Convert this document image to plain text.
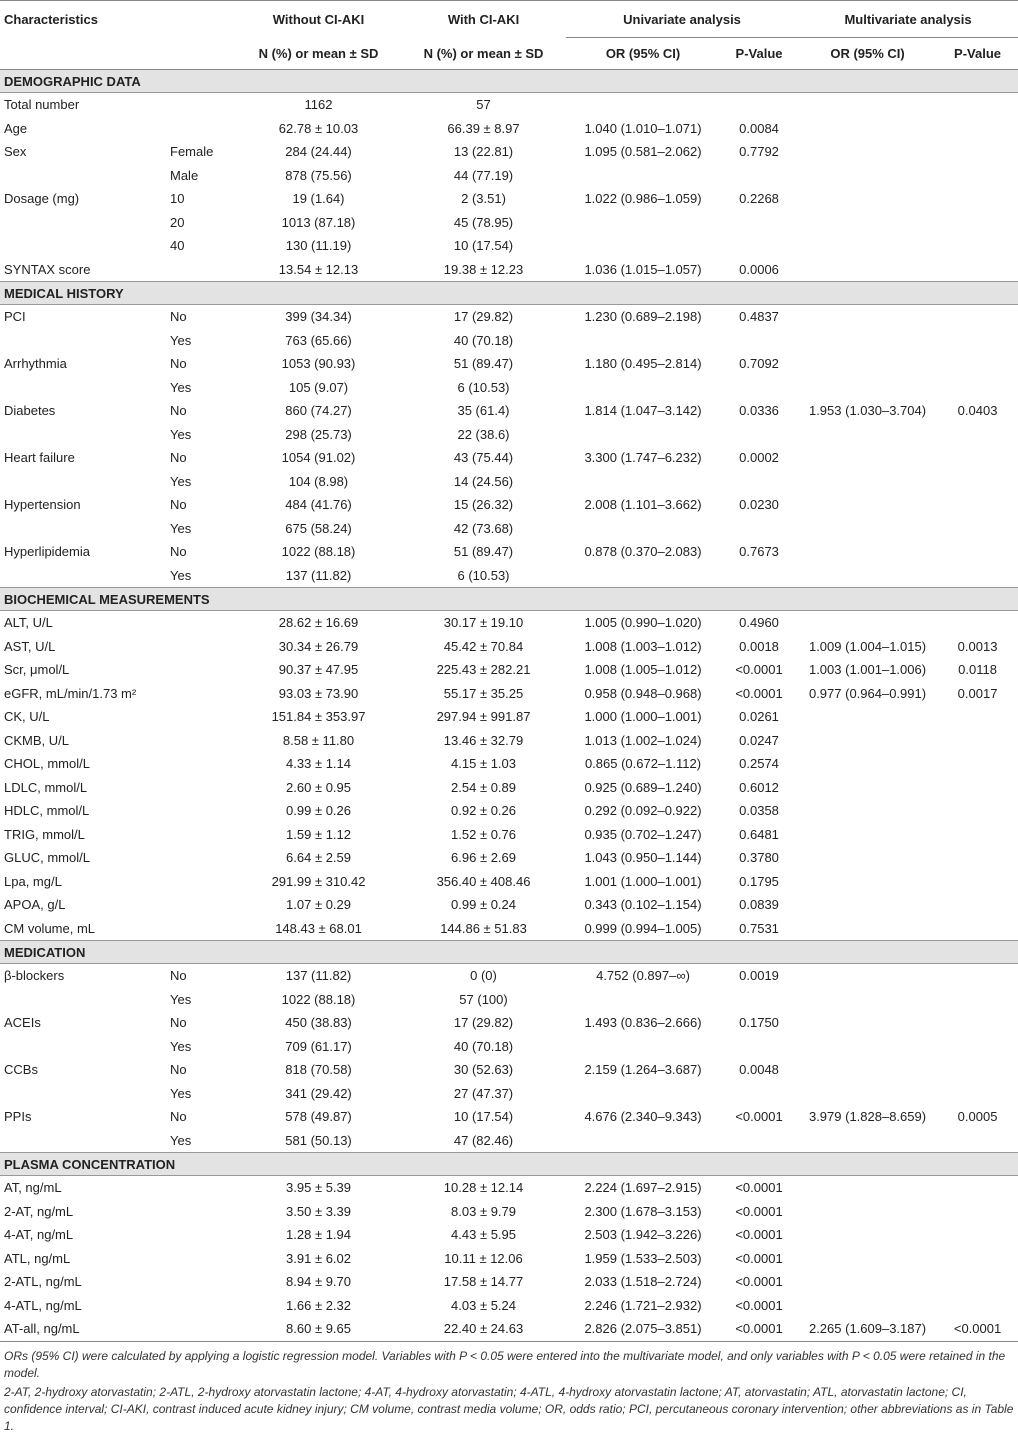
Characteristics		Without CI-AKI	With CI-AKI	Univariate analysis		Multivariate analysis	
		N (%) or mean ± SD	N (%) or mean ± SD	OR (95% CI)	P-Value	OR (95% CI)	P-Value
DEMOGRAPHIC DATA							
Total number		1162	57				
Age		62.78 ± 10.03	66.39 ± 8.97	1.040 (1.010–1.071)	0.0084		
Sex	Female	284 (24.44)	13 (22.81)	1.095 (0.581–2.062)	0.7792		
	Male	878 (75.56)	44 (77.19)				
Dosage (mg)	10	19 (1.64)	2 (3.51)	1.022 (0.986–1.059)	0.2268		
	20	1013 (87.18)	45 (78.95)				
	40	130 (11.19)	10 (17.54)				
SYNTAX score		13.54 ± 12.13	19.38 ± 12.23	1.036 (1.015–1.057)	0.0006		
MEDICAL HISTORY							
PCI	No	399 (34.34)	17 (29.82)	1.230 (0.689–2.198)	0.4837		
	Yes	763 (65.66)	40 (70.18)				
Arrhythmia	No	1053 (90.93)	51 (89.47)	1.180 (0.495–2.814)	0.7092		
	Yes	105 (9.07)	6 (10.53)				
Diabetes	No	860 (74.27)	35 (61.4)	1.814 (1.047–3.142)	0.0336	1.953 (1.030–3.704)	0.0403
	Yes	298 (25.73)	22 (38.6)				
Heart failure	No	1054 (91.02)	43 (75.44)	3.300 (1.747–6.232)	0.0002		
	Yes	104 (8.98)	14 (24.56)				
Hypertension	No	484 (41.76)	15 (26.32)	2.008 (1.101–3.662)	0.0230		
	Yes	675 (58.24)	42 (73.68)				
Hyperlipidemia	No	1022 (88.18)	51 (89.47)	0.878 (0.370–2.083)	0.7673		
	Yes	137 (11.82)	6 (10.53)				
BIOCHEMICAL MEASUREMENTS							
ALT, U/L		28.62 ± 16.69	30.17 ± 19.10	1.005 (0.990–1.020)	0.4960		
AST, U/L		30.34 ± 26.79	45.42 ± 70.84	1.008 (1.003–1.012)	0.0018	1.009 (1.004–1.015)	0.0013
Scr, μmol/L		90.37 ± 47.95	225.43 ± 282.21	1.008 (1.005–1.012)	<0.0001	1.003 (1.001–1.006)	0.0118
eGFR, mL/min/1.73 m²		93.03 ± 73.90	55.17 ± 35.25	0.958 (0.948–0.968)	<0.0001	0.977 (0.964–0.991)	0.0017
CK, U/L		151.84 ± 353.97	297.94 ± 991.87	1.000 (1.000–1.001)	0.0261		
CKMB, U/L		8.58 ± 11.80	13.46 ± 32.79	1.013 (1.002–1.024)	0.0247		
CHOL, mmol/L		4.33 ± 1.14	4.15 ± 1.03	0.865 (0.672–1.112)	0.2574		
LDLC, mmol/L		2.60 ± 0.95	2.54 ± 0.89	0.925 (0.689–1.240)	0.6012		
HDLC, mmol/L		0.99 ± 0.26	0.92 ± 0.26	0.292 (0.092–0.922)	0.0358		
TRIG, mmol/L		1.59 ± 1.12	1.52 ± 0.76	0.935 (0.702–1.247)	0.6481		
GLUC, mmol/L		6.64 ± 2.59	6.96 ± 2.69	1.043 (0.950–1.144)	0.3780		
Lpa, mg/L		291.99 ± 310.42	356.40 ± 408.46	1.001 (1.000–1.001)	0.1795		
APOA, g/L		1.07 ± 0.29	0.99 ± 0.24	0.343 (0.102–1.154)	0.0839		
CM volume, mL		148.43 ± 68.01	144.86 ± 51.83	0.999 (0.994–1.005)	0.7531		
MEDICATION							
β-blockers	No	137 (11.82)	0 (0)	4.752 (0.897–∞)	0.0019		
	Yes	1022 (88.18)	57 (100)				
ACEIs	No	450 (38.83)	17 (29.82)	1.493 (0.836–2.666)	0.1750		
	Yes	709 (61.17)	40 (70.18)				
CCBs	No	818 (70.58)	30 (52.63)	2.159 (1.264–3.687)	0.0048		
	Yes	341 (29.42)	27 (47.37)				
PPIs	No	578 (49.87)	10 (17.54)	4.676 (2.340–9.343)	<0.0001	3.979 (1.828–8.659)	0.0005
	Yes	581 (50.13)	47 (82.46)				
PLASMA CONCENTRATION							
AT, ng/mL		3.95 ± 5.39	10.28 ± 12.14	2.224 (1.697–2.915)	<0.0001		
2-AT, ng/mL		3.50 ± 3.39	8.03 ± 9.79	2.300 (1.678–3.153)	<0.0001		
4-AT, ng/mL		1.28 ± 1.94	4.43 ± 5.95	2.503 (1.942–3.226)	<0.0001		
ATL, ng/mL		3.91 ± 6.02	10.11 ± 12.06	1.959 (1.533–2.503)	<0.0001		
2-ATL, ng/mL		8.94 ± 9.70	17.58 ± 14.77	2.033 (1.518–2.724)	<0.0001		
4-ATL, ng/mL		1.66 ± 2.32	4.03 ± 5.24	2.246 (1.721–2.932)	<0.0001		
AT-all, ng/mL		8.60 ± 9.65	22.40 ± 24.63	2.826 (2.075–3.851)	<0.0001	2.265 (1.609–3.187)	<0.0001

ORs (95% CI) were calculated by applying a logistic regression model. Variables with P < 0.05 were entered into the multivariate model, and only variables with P < 0.05 were retained in the model.

2-AT, 2-hydroxy atorvastatin; 2-ATL, 2-hydroxy atorvastatin lactone; 4-AT, 4-hydroxy atorvastatin; 4-ATL, 4-hydroxy atorvastatin lactone; AT, atorvastatin; ATL, atorvastatin lactone; CI, confidence interval; CI-AKI, contrast induced acute kidney injury; CM volume, contrast media volume; OR, odds ratio; PCI, percutaneous coronary intervention; other abbreviations as in Table 1.
